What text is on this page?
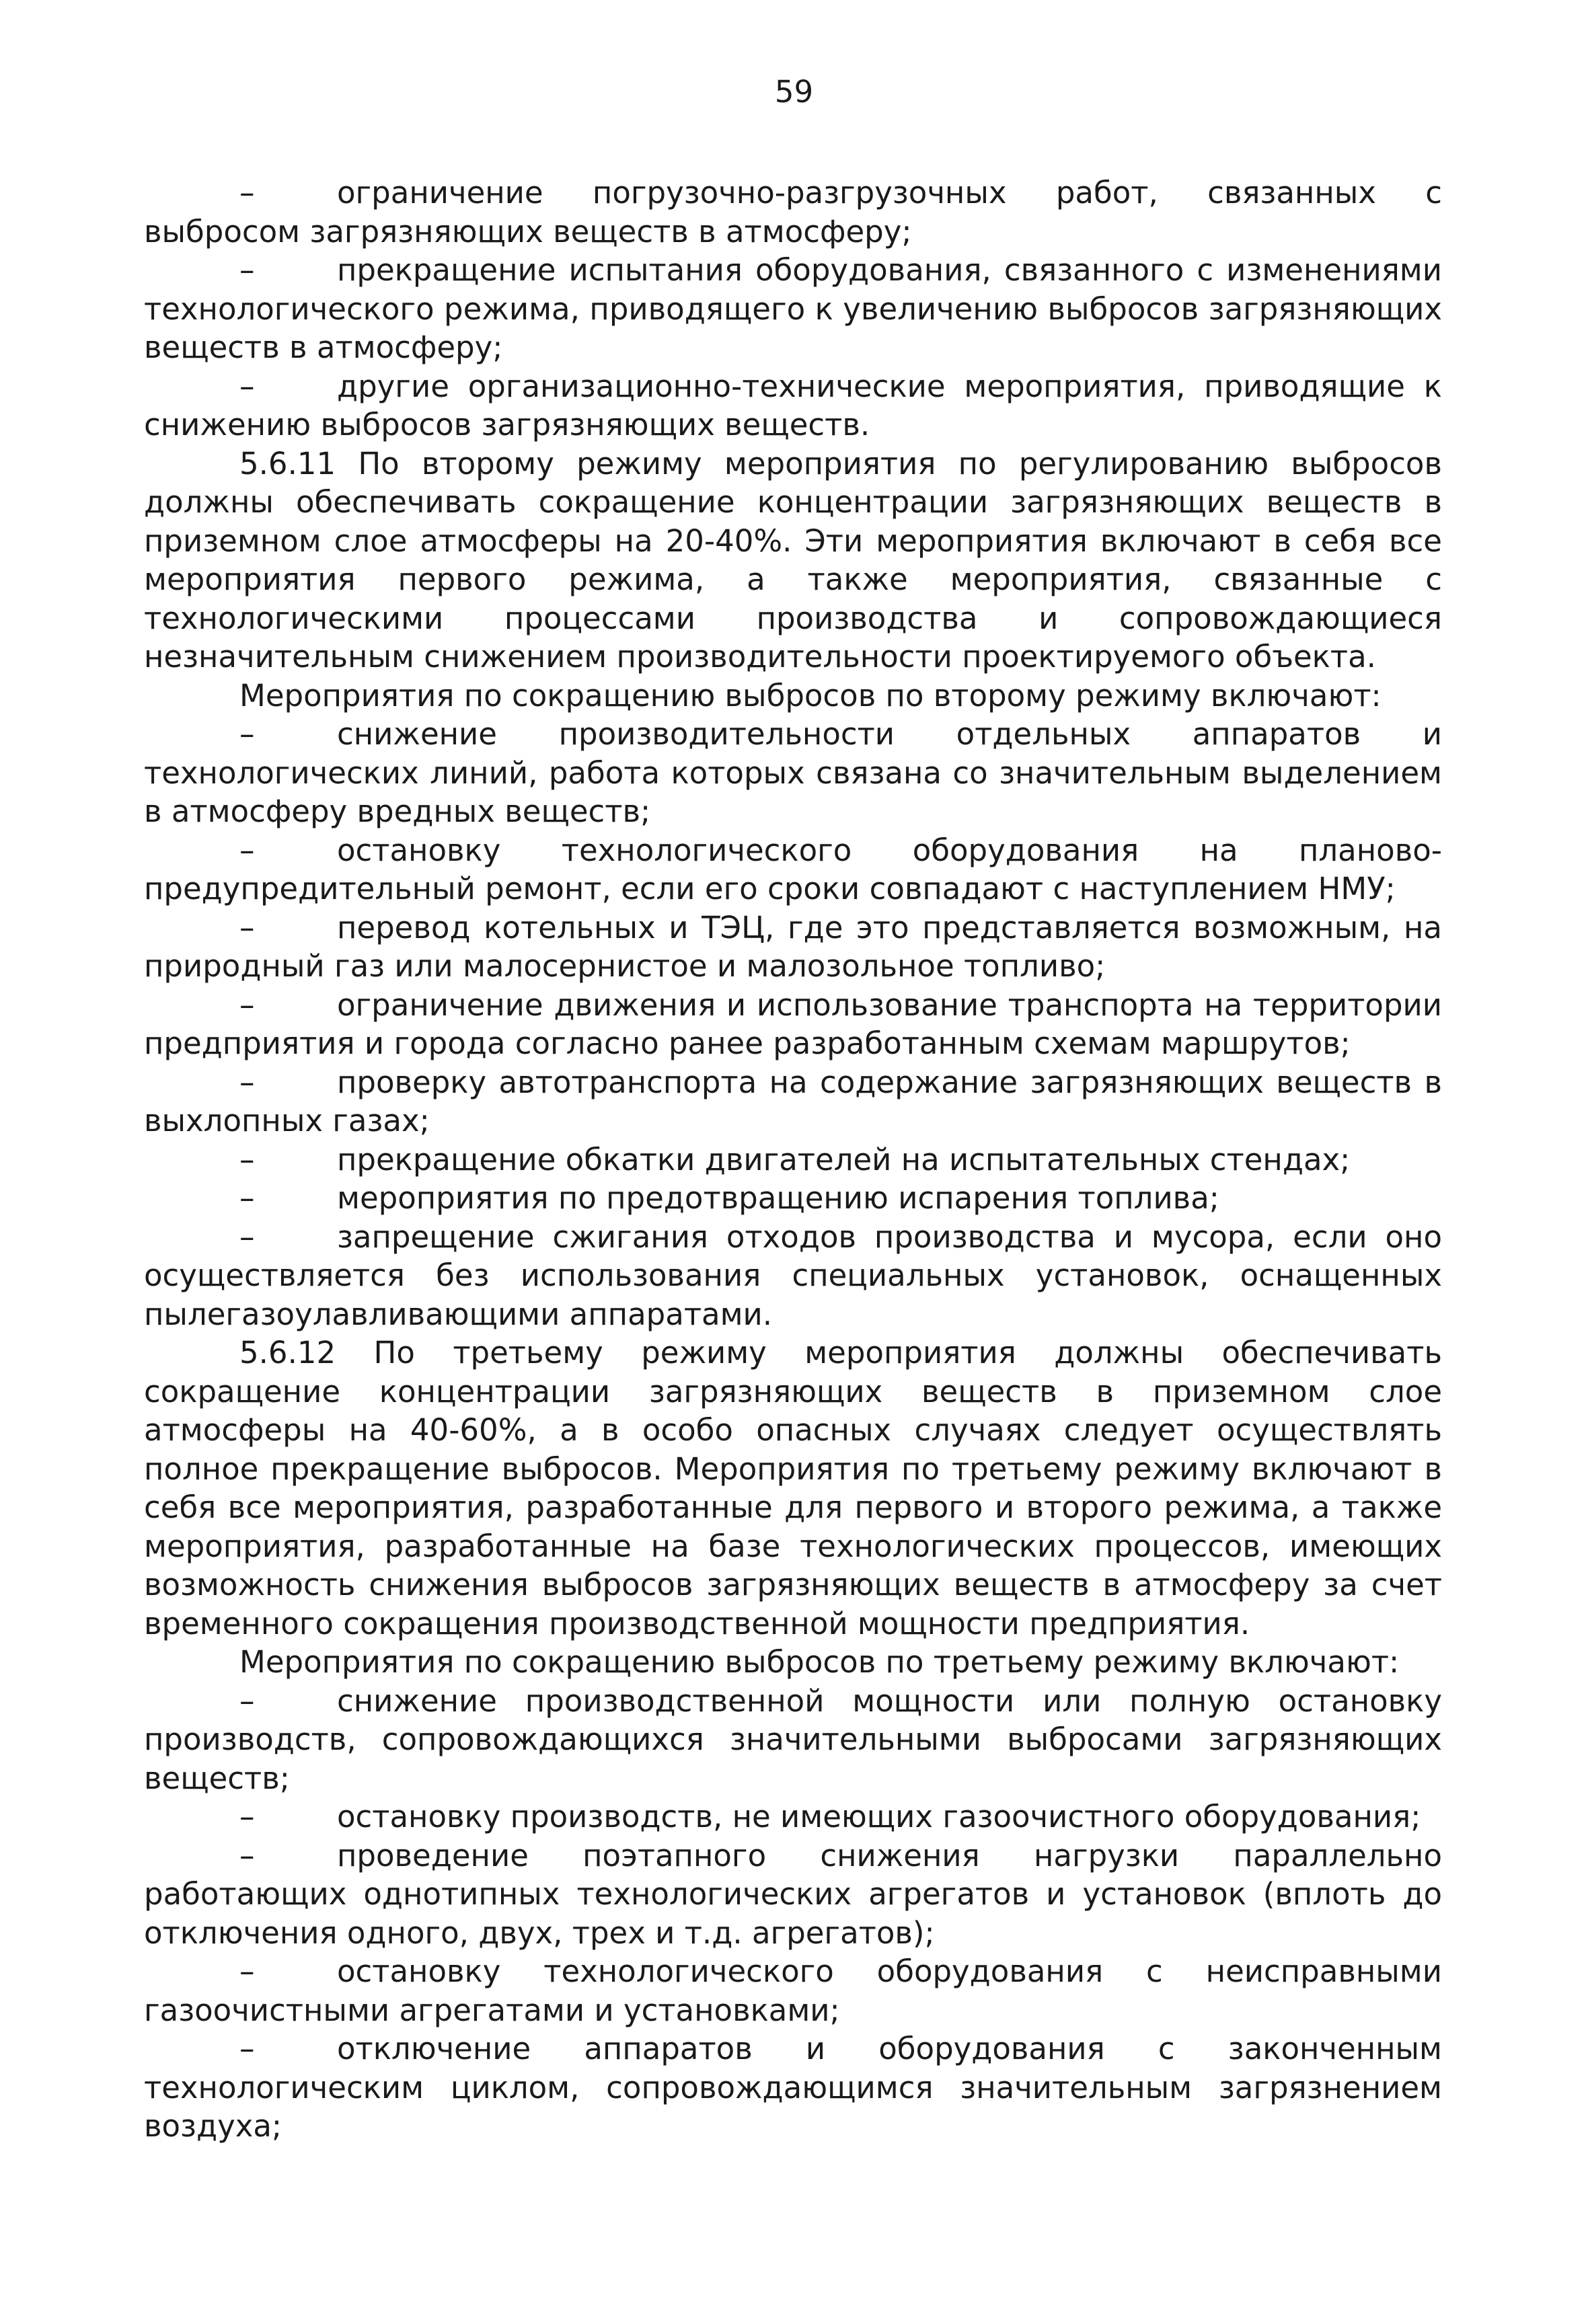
59

–	ограничение погрузочно-разгрузочных работ, связанных с выбросом загрязняющих веществ в атмосферу;

–	прекращение испытания оборудования, связанного с изменениями технологического режима, приводящего к увеличению выбросов загрязняющих веществ в атмосферу;

–	другие организационно-технические мероприятия, приводящие к снижению выбросов загрязняющих веществ.

5.6.11 По второму режиму мероприятия по регулированию выбросов должны обеспечивать сокращение концентрации загрязняющих веществ в приземном слое атмосферы на 20-40%. Эти мероприятия включают в себя все мероприятия первого режима, а также мероприятия, связанные с технологическими процессами производства и сопровождающиеся незначительным снижением производительности проектируемого объекта.

Мероприятия по сокращению выбросов по второму режиму включают:

–	снижение производительности отдельных аппаратов и технологических линий, работа которых связана со значительным выделением в атмосферу вредных веществ;

–	остановку технологического оборудования на планово-предупредительный ремонт, если его сроки совпадают с наступлением НМУ;

–	перевод котельных и ТЭЦ, где это представляется возможным, на природный газ или малосернистое и малозольное топливо;

–	ограничение движения и использование транспорта на территории предприятия и города согласно ранее разработанным схемам маршрутов;

–	проверку автотранспорта на содержание загрязняющих веществ в выхлопных газах;

–	прекращение обкатки двигателей на испытательных стендах;

–	мероприятия по предотвращению испарения топлива;

–	запрещение сжигания отходов производства и мусора, если оно осуществляется без использования специальных установок, оснащенных пылегазоулавливающими аппаратами.

5.6.12 По третьему режиму мероприятия должны обеспечивать сокращение концентрации загрязняющих веществ в приземном слое атмосферы на 40-60%, а в особо опасных случаях следует осуществлять полное прекращение выбросов. Мероприятия по третьему режиму включают в себя все мероприятия, разработанные для первого и второго режима, а также мероприятия, разработанные на базе технологических процессов, имеющих возможность снижения выбросов загрязняющих веществ в атмосферу за счет временного сокращения производственной мощности предприятия.

Мероприятия по сокращению выбросов по третьему режиму включают:

–	снижение производственной мощности или полную остановку производств, сопровождающихся значительными выбросами загрязняющих веществ;

–	остановку производств, не имеющих газоочистного оборудования;

–	проведение поэтапного снижения нагрузки параллельно работающих однотипных технологических агрегатов и установок (вплоть до отключения одного, двух, трех и т.д. агрегатов);

–	остановку технологического оборудования с неисправными газоочистными агрегатами и установками;

–	отключение аппаратов и оборудования с законченным технологическим циклом, сопровождающимся значительным загрязнением воздуха;
